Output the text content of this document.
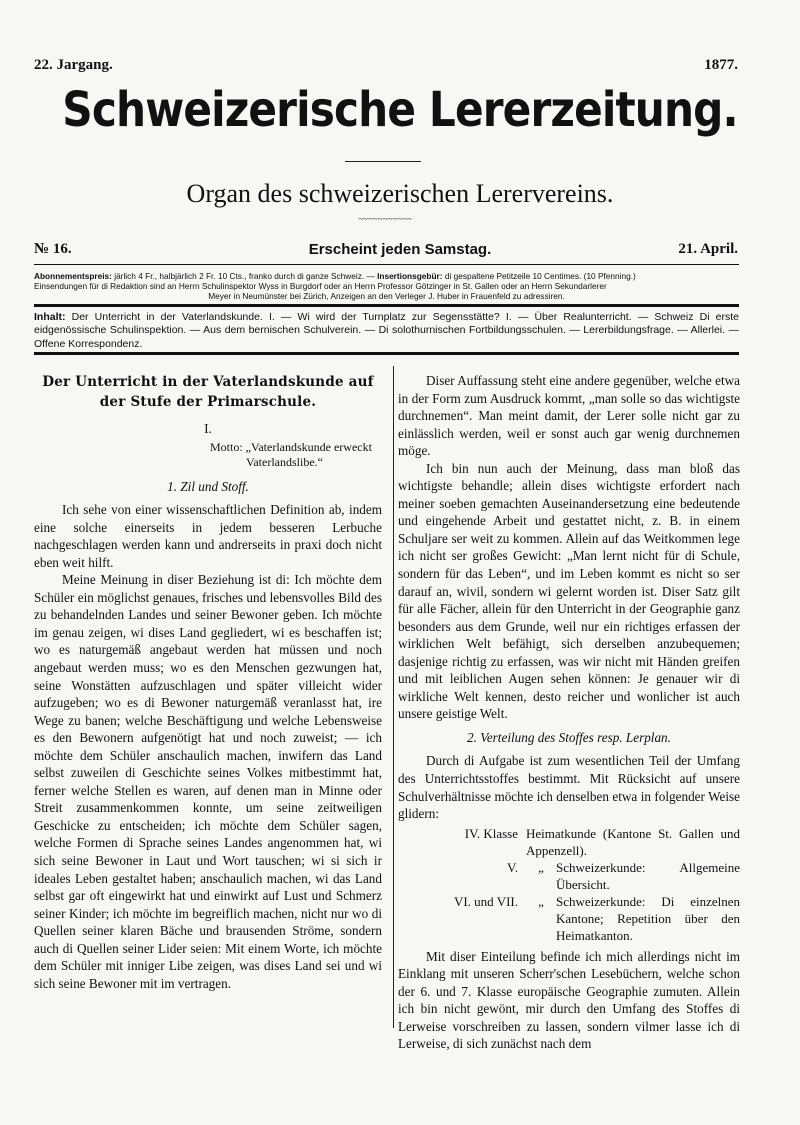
22. Jargang.	1877.
Schweizerische Lererzeitung.
Organ des schweizerischen Lerervereins.
~~~~~~~~~~~
№ 16.	Erscheint jeden Samstag.	21. April.
Abonnementspreis: järlich 4 Fr., halbjärlich 2 Fr. 10 Cts., franko durch di ganze Schweiz. — Insertionsgebür: di gespaltene Petitzeile 10 Centimes. (10 Pfenning.)
Einsendungen für di Redaktion sind an Herrn Schulinspektor Wyss in Burgdorf oder an Herrn Professor Götzinger in St. Gallen oder an Herrn Sekundarlerer
Meyer in Neumünster bei Zürich, Anzeigen an den Verleger J. Huber in Frauenfeld zu adressiren.
Inhalt: Der Unterricht in der Vaterlandskunde. I. — Wi wird der Turnplatz zur Segensstätte? I. — Über Realunterricht. — Schweiz Di erste eidgenössische Schulinspektion. — Aus dem bernischen Schulverein. — Di solothurnischen Fortbildungsschulen. — Lererbildungsfrage. — Allerlei. — Offene Korrespondenz.
Der Unterricht in der Vaterlandskunde auf
der Stufe der Primarschule.
I.
Motto: „Vaterlandskunde erweckt
Vaterlandslibe.“
1. Zil und Stoff.

Ich sehe von einer wissenschaftlichen Definition ab, indem eine solche einerseits in jedem besseren Lerbuche nachgeschlagen werden kann und andrerseits in praxi doch nicht eben weit hilft.

Meine Meinung in diser Beziehung ist di: Ich möchte dem Schüler ein möglichst genaues, frisches und lebensvolles Bild des zu behandelnden Landes und seiner Bewoner geben. Ich möchte im genau zeigen, wi dises Land gegliedert, wi es beschaffen ist; wo es naturgemäß angebaut werden hat müssen und noch angebaut werden muss; wo es den Menschen gezwungen hat, seine Wonstätten aufzuschlagen und später villeicht wider aufzugeben; wo es di Bewoner naturgemäß veranlasst hat, ire Wege zu banen; welche Beschäftigung und welche Lebensweise es den Bewonern aufgenötigt hat und noch zuweist; — ich möchte dem Schüler anschaulich machen, inwifern das Land selbst zuweilen di Geschichte seines Volkes mitbestimmt hat, ferner welche Stellen es waren, auf denen man in Minne oder Streit zusammenkommen konnte, um seine zeitweiligen Geschicke zu entscheiden; ich möchte dem Schüler sagen, welche Formen di Sprache seines Landes angenommen hat, wi sich seine Bewoner in Laut und Wort tauschen; wi si sich ir ideales Leben gestaltet haben; anschaulich machen, wi das Land selbst gar oft eingewirkt hat und einwirkt auf Lust und Schmerz seiner Kinder; ich möchte im begreiflich machen, nicht nur wo di Quellen seiner klaren Bäche und brausenden Ströme, sondern auch di Quellen seiner Lider seien: Mit einem Worte, ich möchte dem Schüler mit inniger Libe zeigen, was dises Land sei und wi sich seine Bewoner mit im vertragen.

Diser Auffassung steht eine andere gegenüber, welche etwa in der Form zum Ausdruck kommt, „man solle so das wichtigste durchnemen“. Man meint damit, der Lerer solle nicht gar zu einlässlich werden, weil er sonst auch gar wenig durchnemen möge.

Ich bin nun auch der Meinung, dass man bloß das wichtigste behandle; allein dises wichtigste erfordert nach meiner soeben gemachten Auseinandersetzung eine bedeutende und eingehende Arbeit und gestattet nicht, z. B. in einem Schuljare ser weit zu kommen. Allein auf das Weitkommen lege ich nicht ser großes Gewicht: „Man lernt nicht für di Schule, sondern für das Leben“, und im Leben kommt es nicht so ser darauf an, wivil, sondern wi gelernt worden ist. Diser Satz gilt für alle Fächer, allein für den Unterricht in der Geographie ganz besonders aus dem Grunde, weil nur ein richtiges erfassen der wirklichen Welt befähigt, sich derselben anzubequemen; dasjenige richtig zu erfassen, was wir nicht mit Händen greifen und mit leiblichen Augen sehen können: Je genauer wir di wirkliche Welt kennen, desto reicher und wonlicher ist auch unsere geistige Welt.

2. Verteilung des Stoffes resp. Lerplan.

Durch di Aufgabe ist zum wesentlichen Teil der Umfang des Unterrichtsstoffes bestimmt. Mit Rücksicht auf unsere Schulverhältnisse möchte ich denselben etwa in folgender Weise glidern:

IV. Klasse Heimatkunde (Kantone St. Gallen und Appenzell).
V.	„ Schweizerkunde: Allgemeine Übersicht.
VI. und VII.	„ Schweizerkunde: Di einzelnen Kantone; Repetition über den Heimatkanton.

Mit diser Einteilung befinde ich mich allerdings nicht im Einklang mit unseren Scherr'schen Lesebüchern, welche schon der 6. und 7. Klasse europäische Geographie zumuten. Allein ich bin nicht gewönt, mir durch den Umfang des Stoffes di Lerweise vorschreiben zu lassen, sondern vilmer lasse ich di Lerweise, di sich zunächst nach dem
